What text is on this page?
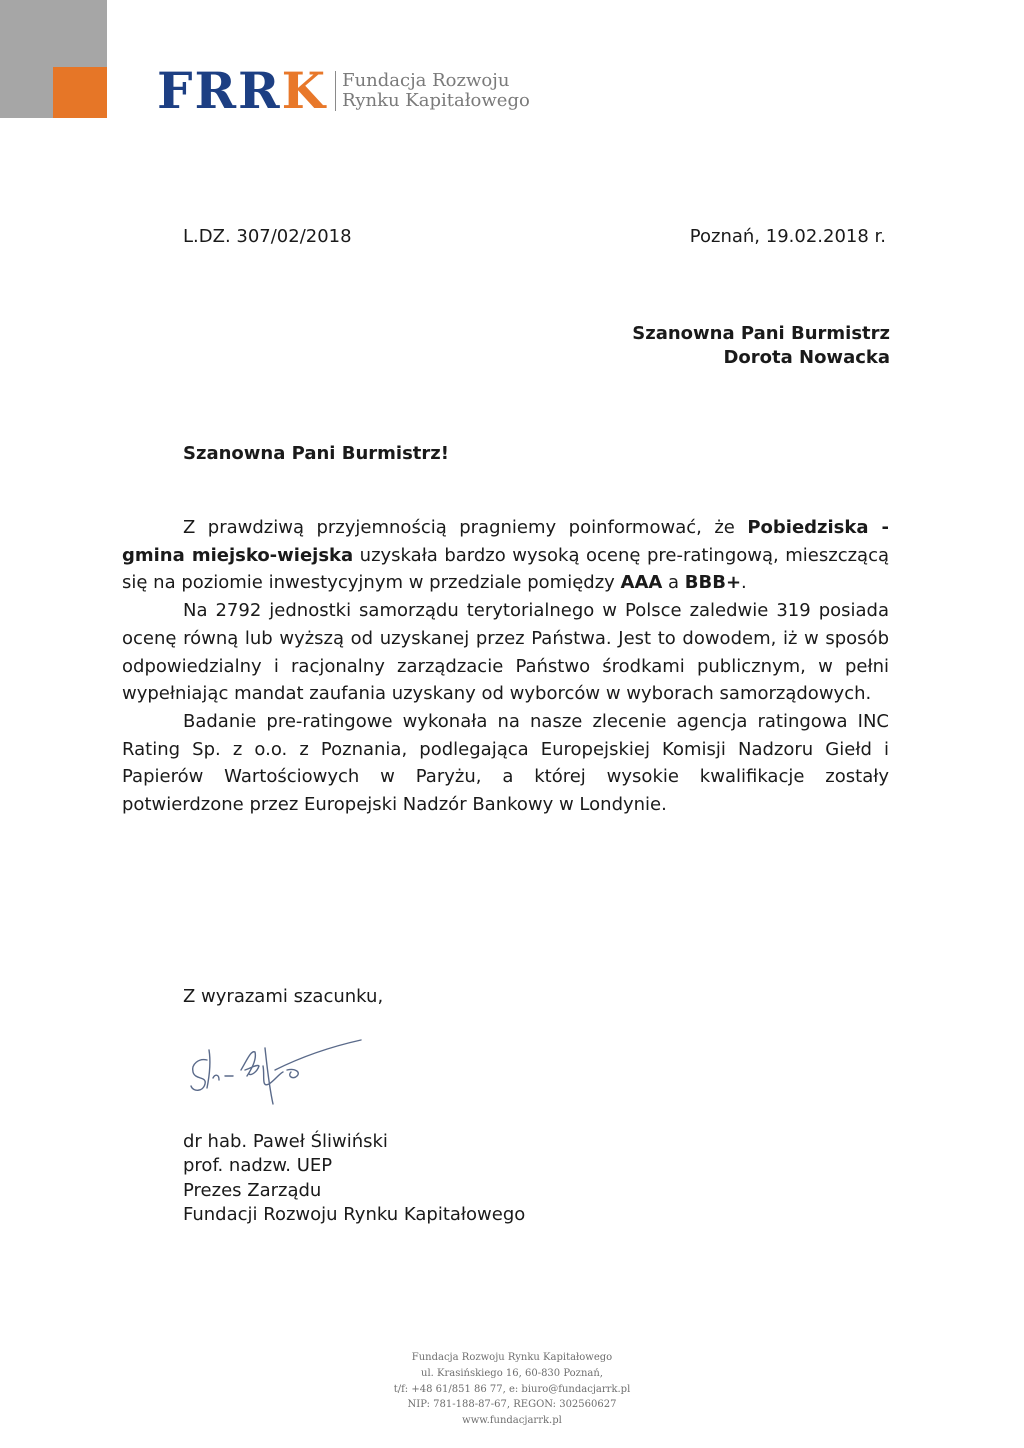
FRRK Fundacja Rozwoju
Rynku Kapitałowego
L.DZ. 307/02/2018	Poznań, 19.02.2018 r.
Szanowna Pani Burmistrz
Dorota Nowacka
Szanowna Pani Burmistrz!

Z prawdziwą przyjemnością pragniemy poinformować, że Pobiedziska - gmina miejsko-wiejska uzyskała bardzo wysoką ocenę pre-ratingową, mieszczącą się na poziomie inwestycyjnym w przedziale pomiędzy AAA a BBB+.

Na 2792 jednostki samorządu terytorialnego w Polsce zaledwie 319 posiada ocenę równą lub wyższą od uzyskanej przez Państwa. Jest to dowodem, iż w sposób odpowiedzialny i racjonalny zarządzacie Państwo środkami publicznym, w pełni wypełniając mandat zaufania uzyskany od wyborców w wyborach samorządowych.

Badanie pre-ratingowe wykonała na nasze zlecenie agencja ratingowa INC Rating Sp. z o.o. z Poznania, podlegająca Europejskiej Komisji Nadzoru Giełd i Papierów Wartościowych w Paryżu, a której wysokie kwalifikacje zostały potwierdzone przez Europejski Nadzór Bankowy w Londynie.

Z wyrazami szacunku,
dr hab. Paweł Śliwiński
prof. nadzw. UEP
Prezes Zarządu
Fundacji Rozwoju Rynku Kapitałowego
Fundacja Rozwoju Rynku Kapitałowego
ul. Krasińskiego 16, 60-830 Poznań,
t/f: +48 61/851 86 77, e: biuro@fundacjarrk.pl
NIP: 781-188-87-67, REGON: 302560627
www.fundacjarrk.pl
